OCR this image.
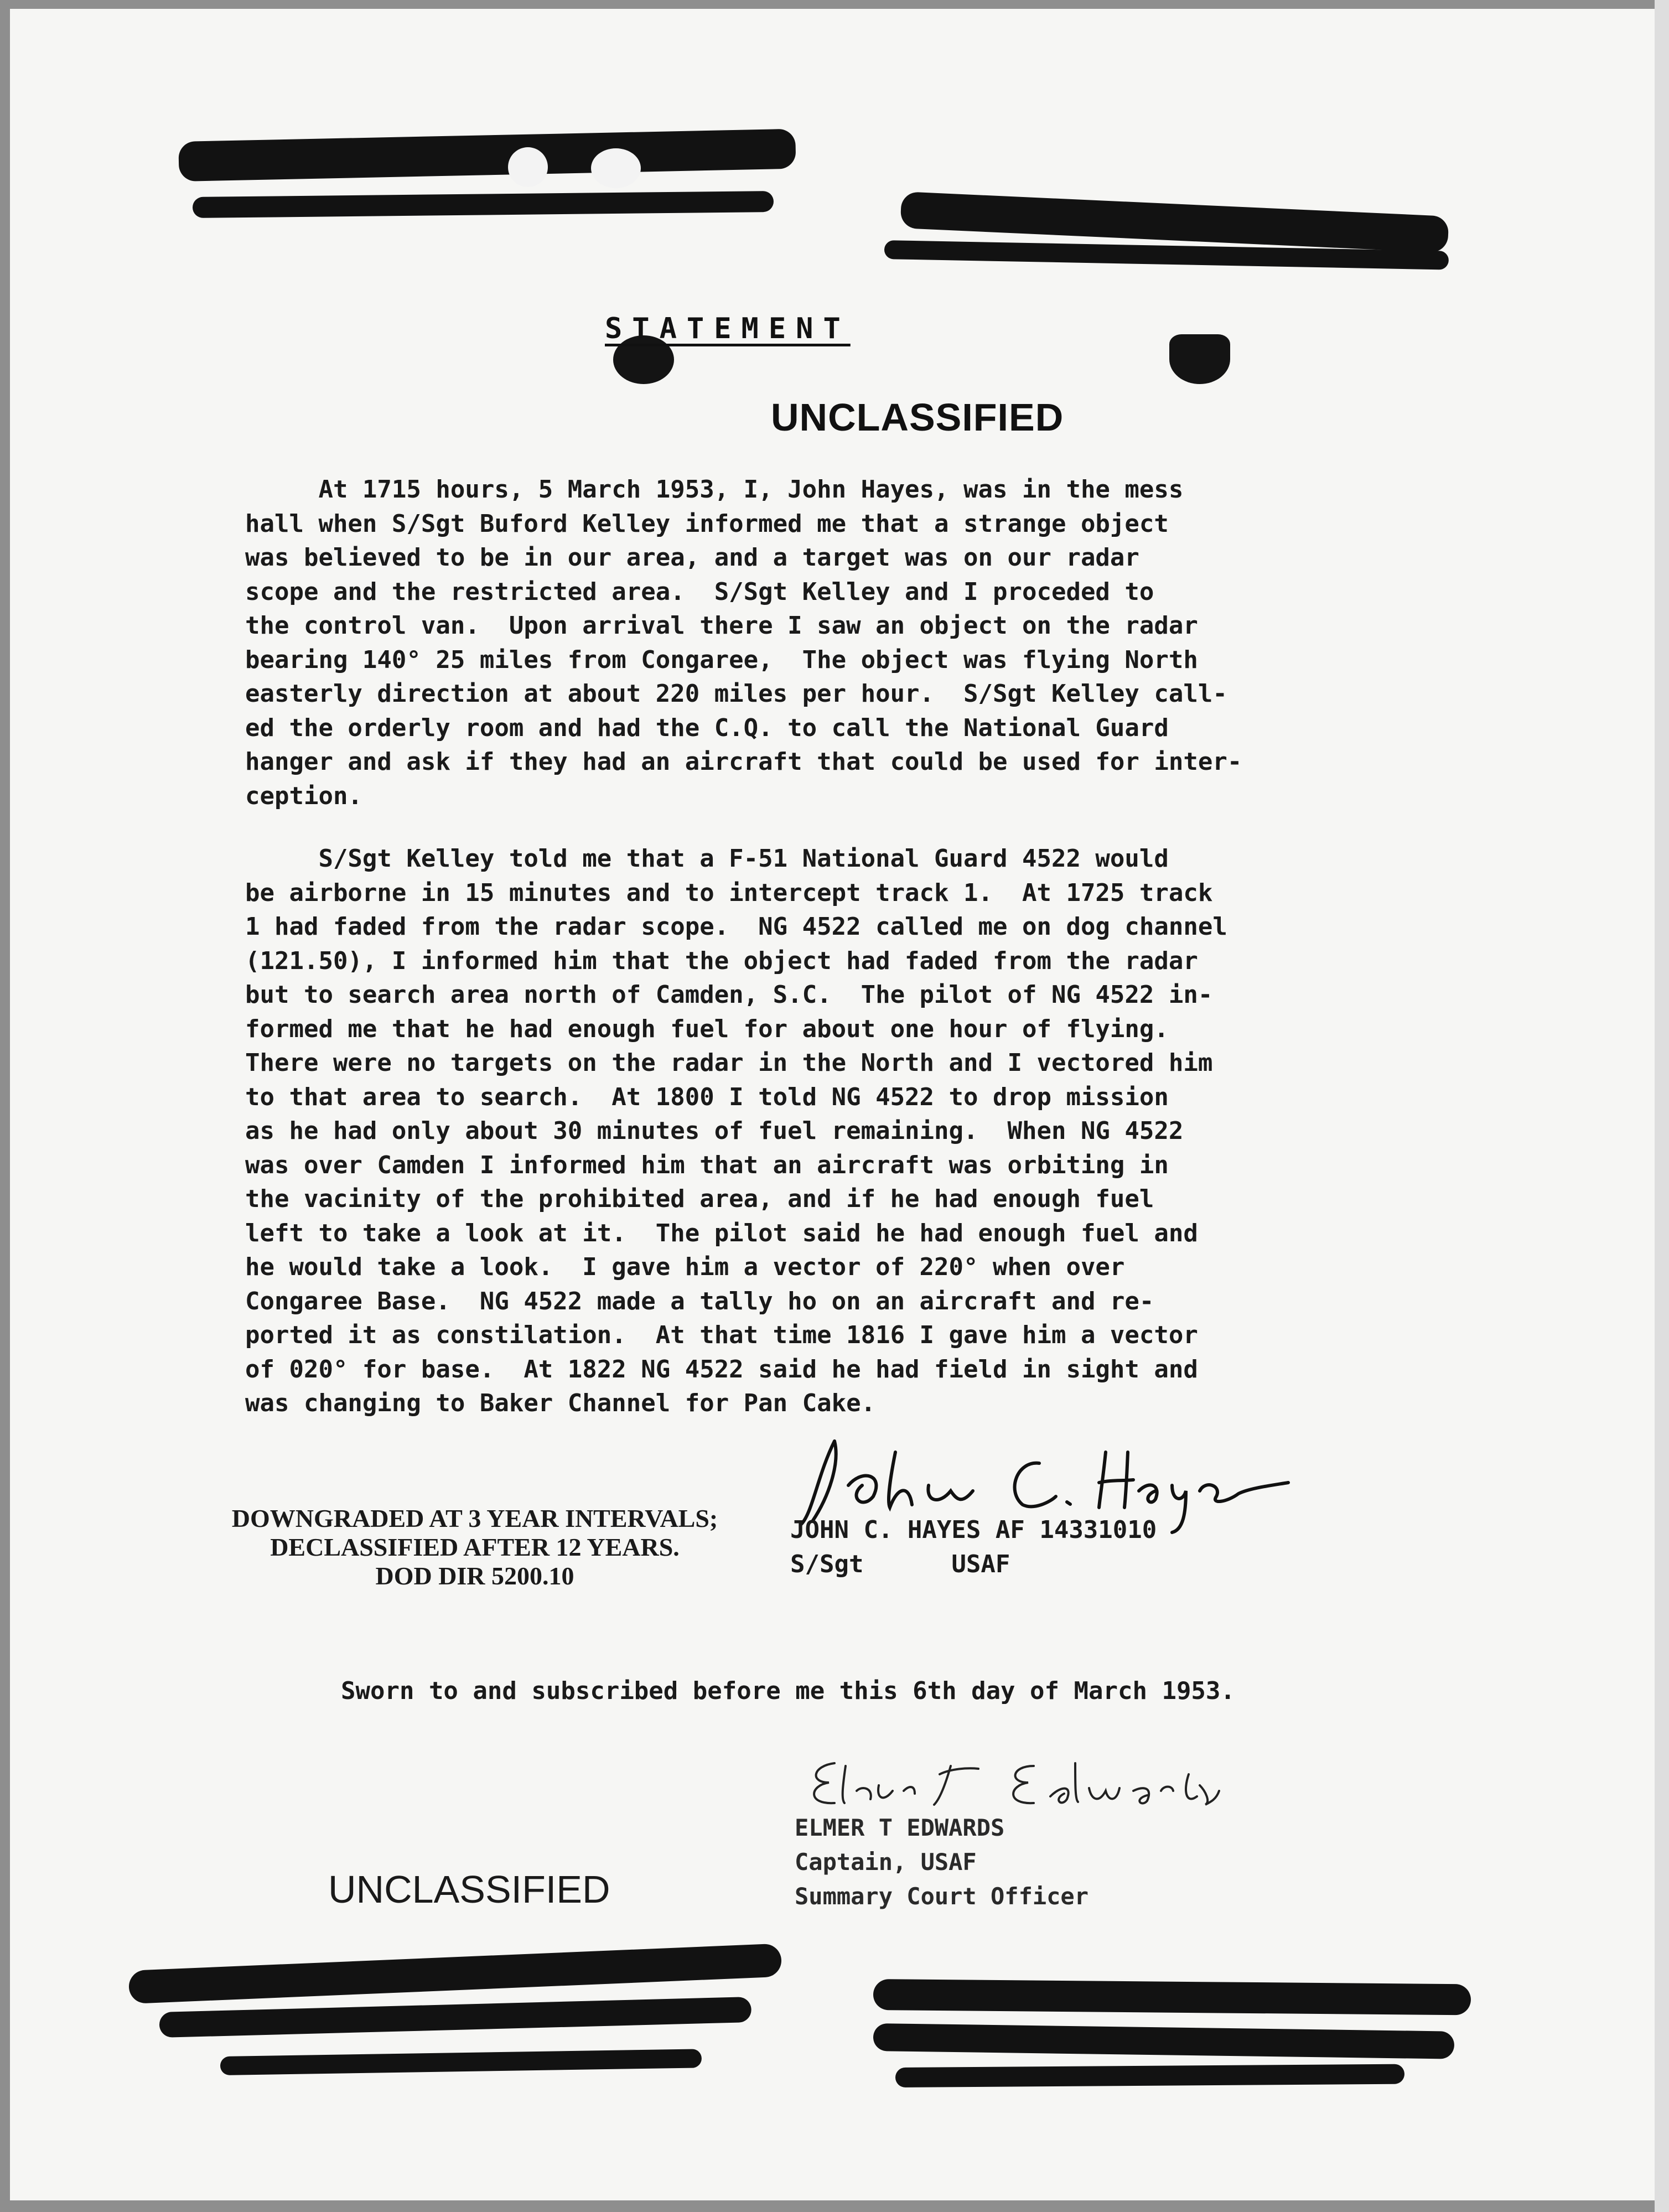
STATEMENT
UNCLASSIFIED
At 1715 hours, 5 March 1953, I, John Hayes, was in the mess
hall when S/Sgt Buford Kelley informed me that a strange object
was believed to be in our area, and a target was on our radar
scope and the restricted area.  S/Sgt Kelley and I proceded to
the control van.  Upon arrival there I saw an object on the radar
bearing 140° 25 miles from Congaree,  The object was flying North
easterly direction at about 220 miles per hour.  S/Sgt Kelley call-
ed the orderly room and had the C.Q. to call the National Guard
hanger and ask if they had an aircraft that could be used for inter-
ception.
S/Sgt Kelley told me that a F-51 National Guard 4522 would
be airborne in 15 minutes and to intercept track 1.  At 1725 track
1 had faded from the radar scope.  NG 4522 called me on dog channel
(121.50), I informed him that the object had faded from the radar
but to search area north of Camden, S.C.  The pilot of NG 4522 in-
formed me that he had enough fuel for about one hour of flying.
There were no targets on the radar in the North and I vectored him
to that area to search.  At 1800 I told NG 4522 to drop mission
as he had only about 30 minutes of fuel remaining.  When NG 4522
was over Camden I informed him that an aircraft was orbiting in
the vacinity of the prohibited area, and if he had enough fuel
left to take a look at it.  The pilot said he had enough fuel and
he would take a look.  I gave him a vector of 220° when over
Congaree Base.  NG 4522 made a tally ho on an aircraft and re-
ported it as constilation.  At that time 1816 I gave him a vector
of 020° for base.  At 1822 NG 4522 said he had field in sight and
was changing to Baker Channel for Pan Cake.
DOWNGRADED AT 3 YEAR INTERVALS;
DECLASSIFIED AFTER 12 YEARS.
DOD DIR 5200.10
JOHN C. HAYES AF 14331010
S/Sgt      USAF
Sworn to and subscribed before me this 6th day of March 1953.
ELMER T EDWARDS
Captain, USAF
Summary Court Officer
UNCLASSIFIED
